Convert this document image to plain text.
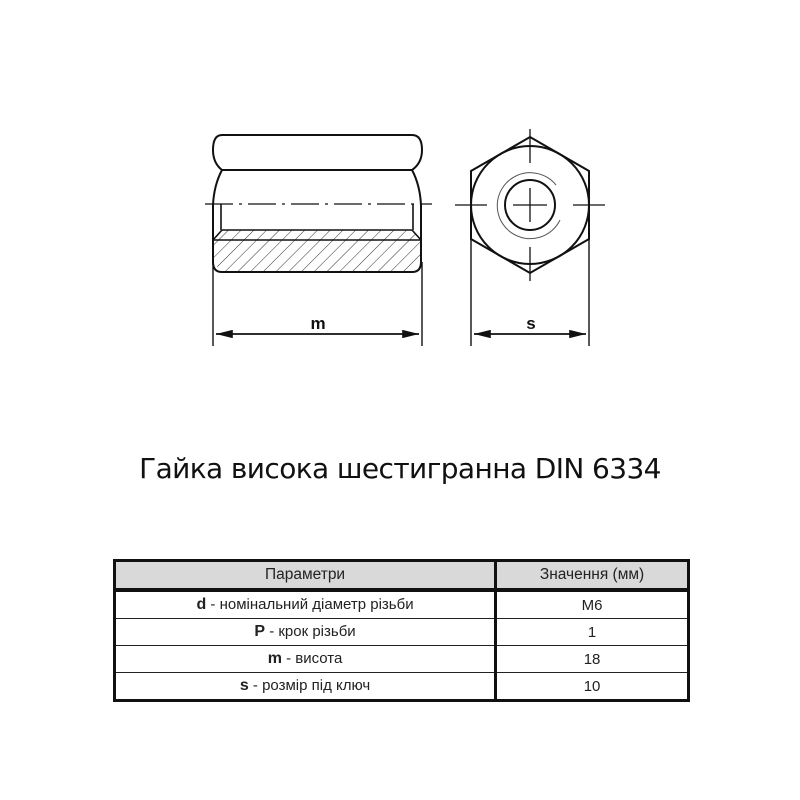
m	s
Гайка висока шестигранна DIN 6334
Параметри	Значення (мм)
d - номінальний діаметр різьби	M6
P - крок різьби	1
m - висота	18
s - розмір під ключ	10
